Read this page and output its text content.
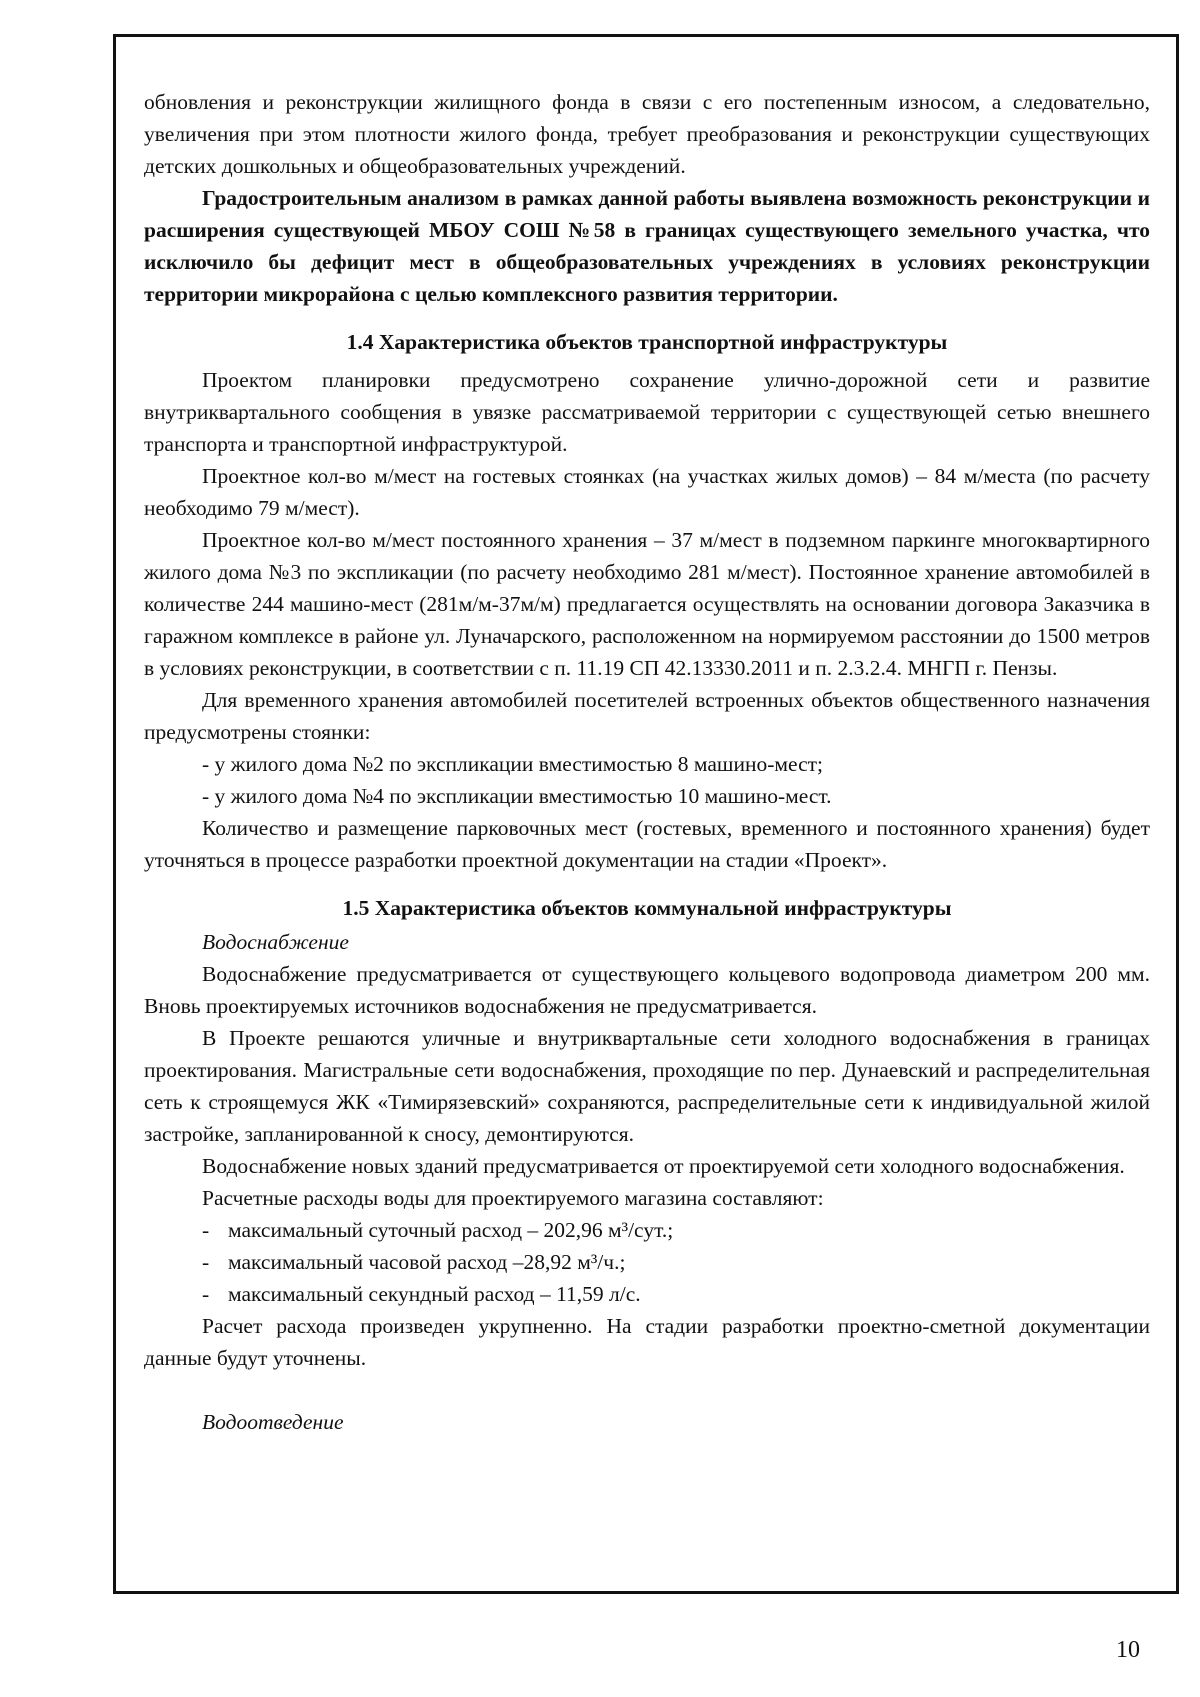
обновления и реконструкции жилищного фонда в связи с его постепенным износом, а следовательно, увеличения при этом плотности жилого фонда, требует преобразования и реконструкции существующих детских дошкольных и общеобразовательных учреждений.

Градостроительным анализом в рамках данной работы выявлена возможность реконструкции и расширения существующей МБОУ СОШ №58 в границах существующего земельного участка, что исключило бы дефицит мест в общеобразовательных учреждениях в условиях реконструкции территории микрорайона с целью комплексного развития территории.

1.4 Характеристика объектов транспортной инфраструктуры

Проектом планировки предусмотрено сохранение улично-дорожной сети и развитие внутриквартального сообщения в увязке рассматриваемой территории с существующей сетью внешнего транспорта и транспортной инфраструктурой.

Проектное кол-во м/мест на гостевых стоянках (на участках жилых домов) – 84 м/места (по расчету необходимо 79 м/мест).

Проектное кол-во м/мест постоянного хранения – 37 м/мест в подземном паркинге многоквартирного жилого дома №3 по экспликации (по расчету необходимо 281 м/мест). Постоянное хранение автомобилей в количестве 244 машино-мест (281м/м-37м/м) предлагается осуществлять на основании договора Заказчика в гаражном комплексе в районе ул. Луначарского, расположенном на нормируемом расстоянии до 1500 метров в условиях реконструкции, в соответствии с п. 11.19 СП 42.13330.2011 и п. 2.3.2.4. МНГП г. Пензы.

Для временного хранения автомобилей посетителей встроенных объектов общественного назначения предусмотрены стоянки:

- у жилого дома №2 по экспликации вместимостью 8 машино-мест;

- у жилого дома №4 по экспликации вместимостью 10 машино-мест.

Количество и размещение парковочных мест (гостевых, временного и постоянного хранения) будет уточняться в процессе разработки проектной документации на стадии «Проект».

1.5 Характеристика объектов коммунальной инфраструктуры

Водоснабжение

Водоснабжение предусматривается от существующего кольцевого водопровода диаметром 200 мм. Вновь проектируемых источников водоснабжения не предусматривается.

В Проекте решаются уличные и внутриквартальные сети холодного водоснабжения в границах проектирования. Магистральные сети водоснабжения, проходящие по пер. Дунаевский и распределительная сеть к строящемуся ЖК «Тимирязевский» сохраняются, распределительные сети к индивидуальной жилой застройке, запланированной к сносу, демонтируются.

Водоснабжение новых зданий предусматривается от проектируемой сети холодного водоснабжения.

Расчетные расходы воды для проектируемого магазина составляют:

- максимальный суточный расход – 202,96 м³/сут.;
- максимальный часовой расход –28,92 м³/ч.;
- максимальный секундный расход – 11,59 л/с.

Расчет расхода произведен укрупненно. На стадии разработки проектно-сметной документации данные будут уточнены.

Водоотведение

10
